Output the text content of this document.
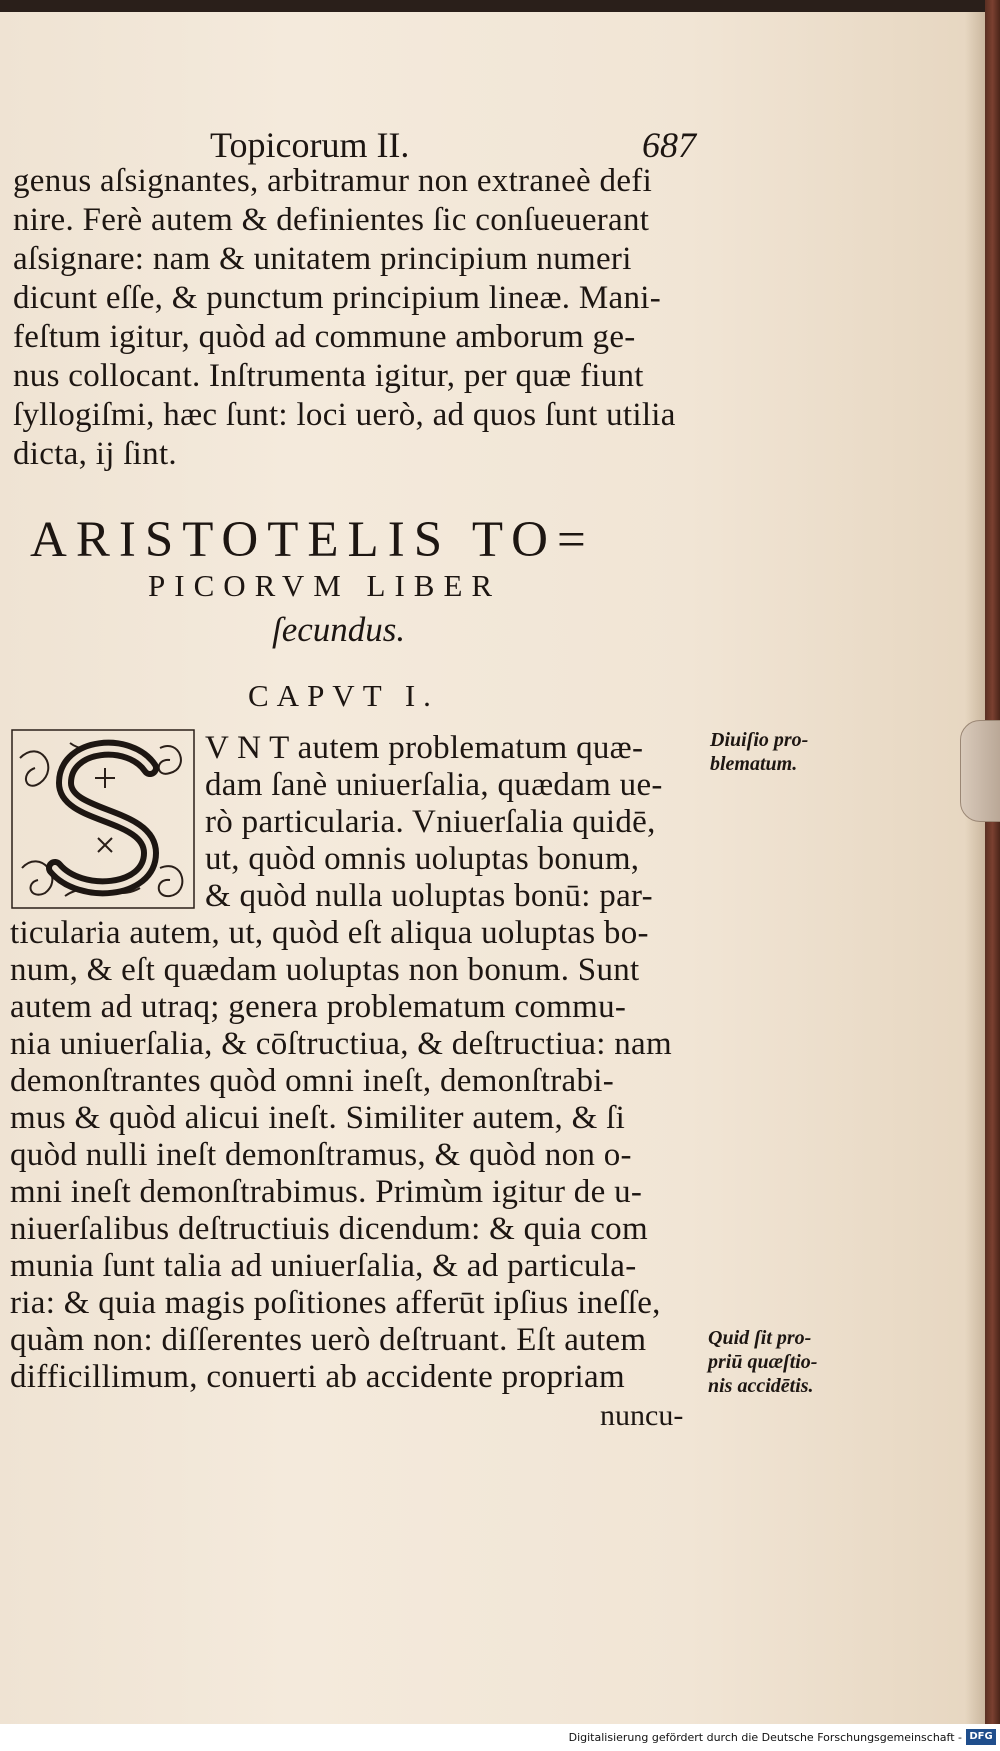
Topicorum II.	687
genus aſsignantes, arbitramur non extraneè defi
nire. Ferè autem & definientes ſic conſueuerant
aſsignare: nam & unitatem principium numeri
dicunt eſſe, & punctum principium lineæ. Mani-
feſtum igitur, quòd ad commune amborum ge-
nus collocant. Inſtrumenta igitur, per quæ fiunt
ſyllogiſmi, hæc ſunt: loci uerò, ad quos ſunt utilia
dicta, ij ſint.
ARISTOTELIS TO=
PICORVM LIBER
ſecundus.
CAPVT I.
V N T autem problematum quæ-
dam ſanè uniuerſalia, quædam ue-
rò particularia. Vniuerſalia quidē,
ut, quòd omnis uoluptas bonum,
& quòd nulla uoluptas bonū: par-
ticularia autem, ut, quòd eſt aliqua uoluptas bo-
num, & eſt quædam uoluptas non bonum. Sunt
autem ad utraq; genera problematum commu-
nia uniuerſalia, & cōſtructiua, & deſtructiua: nam
demonſtrantes quòd omni ineſt, demonſtrabi-
mus & quòd alicui ineſt. Similiter autem, & ſi
quòd nulli ineſt demonſtramus, & quòd non o-
mni ineſt demonſtrabimus. Primùm igitur de u-
niuerſalibus deſtructiuis dicendum: & quia com
munia ſunt talia ad uniuerſalia, & ad particula-
ria: & quia magis poſitiones afferūt ipſius ineſſe,
quàm non: diſſerentes uerò deſtruant. Eſt autem
difficillimum, conuerti ab accidente propriam
nuncu-
Diuiſio pro-
blematum.
Quid ſit pro-
priū quæſtio-
nis accidētis.
Digitalisierung gefördert durch die Deutsche Forschungsgemeinschaft - DFG
